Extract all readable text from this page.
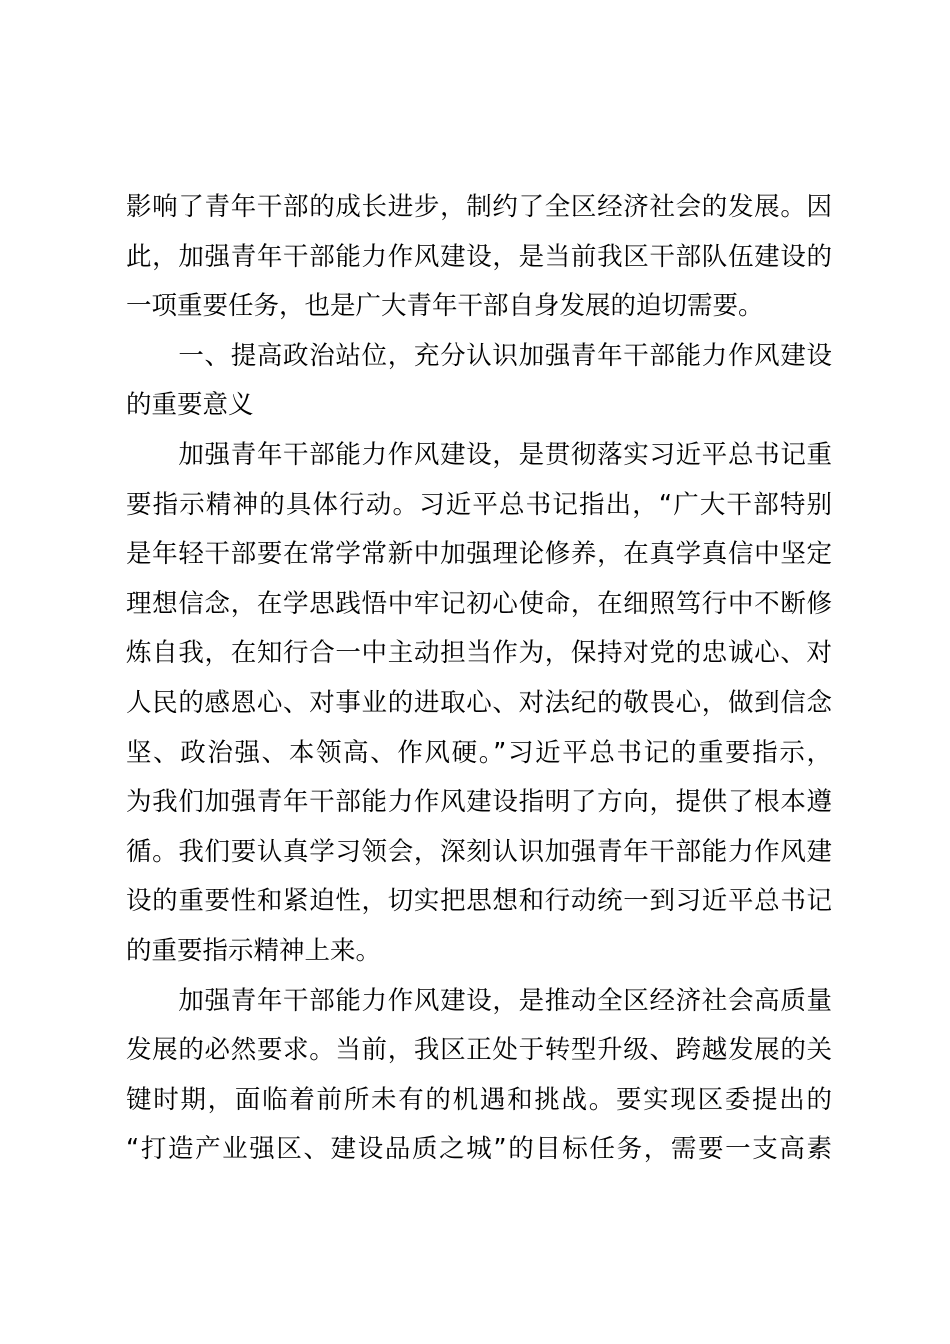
影响了青年干部的成长进步，制约了全区经济社会的发展。因
此，加强青年干部能力作风建设，是当前我区干部队伍建设的
一项重要任务，也是广大青年干部自身发展的迫切需要。
　　一、提高政治站位，充分认识加强青年干部能力作风建设
的重要意义
　　加强青年干部能力作风建设，是贯彻落实习近平总书记重
要指示精神的具体行动。习近平总书记指出，“广大干部特别
是年轻干部要在常学常新中加强理论修养，在真学真信中坚定
理想信念，在学思践悟中牢记初心使命，在细照笃行中不断修
炼自我，在知行合一中主动担当作为，保持对党的忠诚心、对
人民的感恩心、对事业的进取心、对法纪的敬畏心，做到信念
坚、政治强、本领高、作风硬。”习近平总书记的重要指示，
为我们加强青年干部能力作风建设指明了方向，提供了根本遵
循。我们要认真学习领会，深刻认识加强青年干部能力作风建
设的重要性和紧迫性，切实把思想和行动统一到习近平总书记
的重要指示精神上来。
　　加强青年干部能力作风建设，是推动全区经济社会高质量
发展的必然要求。当前，我区正处于转型升级、跨越发展的关
键时期，面临着前所未有的机遇和挑战。要实现区委提出的
“打造产业强区、建设品质之城”的目标任务，需要一支高素
